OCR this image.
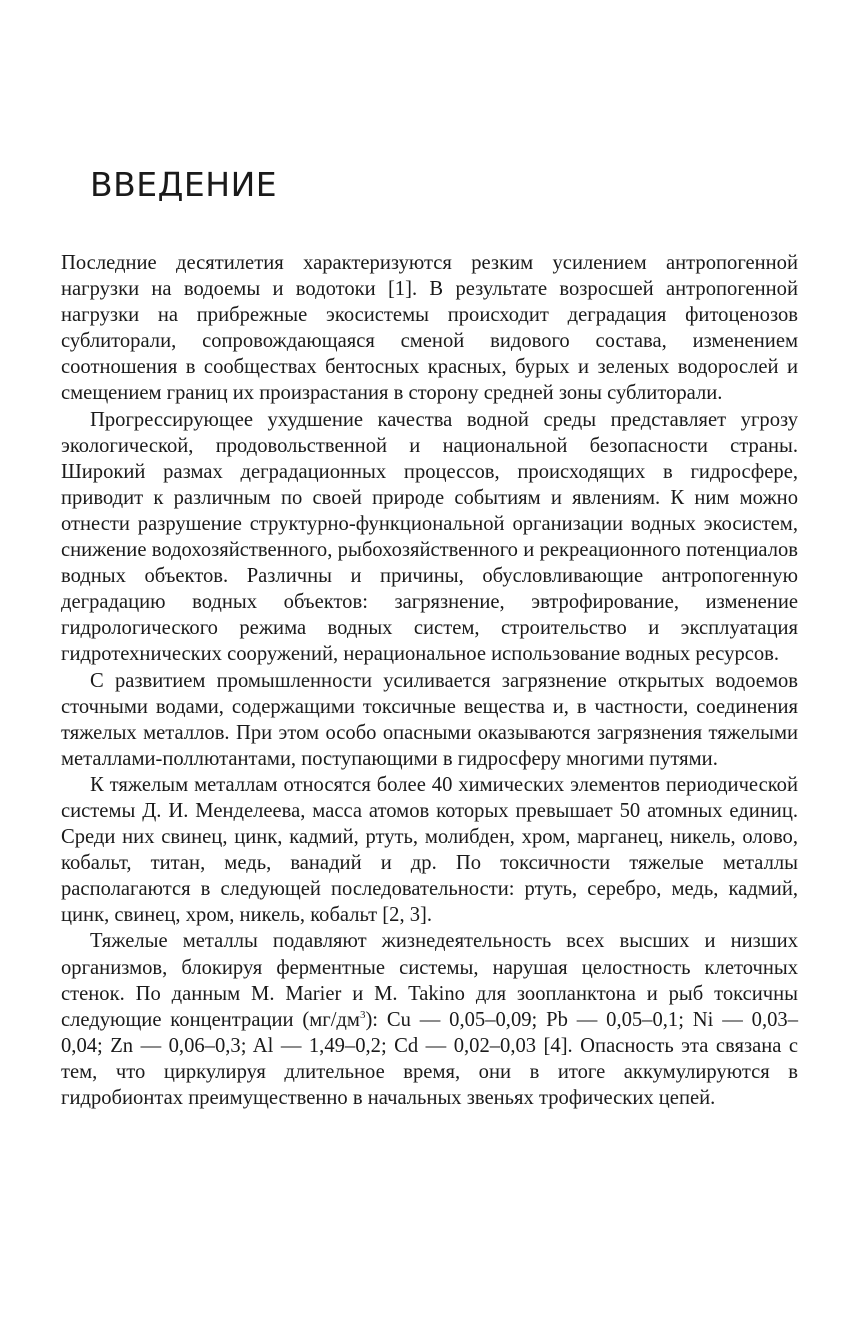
ВВЕДЕНИЕ

Последние десятилетия характеризуются резким усилением антропогенной нагрузки на водоемы и водотоки [1]. В результате возросшей антропогенной нагрузки на прибрежные экосистемы происходит деградация фитоценозов сублиторали, сопровождающаяся сменой видового состава, изменением соотношения в сообществах бентосных красных, бурых и зеленых водорослей и смещением границ их произрастания в сторону средней зоны сублиторали.

Прогрессирующее ухудшение качества водной среды представляет угрозу экологической, продовольственной и национальной безопасности страны. Широкий размах деградационных процессов, происходящих в гидросфере, приводит к различным по своей природе событиям и явлениям. К ним можно отнести разрушение структурно-функциональной организации водных экосистем, снижение водохозяйственного, рыбохозяйственного и рекреационного потенциалов водных объектов. Различны и причины, обусловливающие антропогенную деградацию водных объектов: загрязнение, эвтрофирование, изменение гидрологического режима водных систем, строительство и эксплуатация гидротехнических сооружений, нерациональное использование водных ресурсов.

С развитием промышленности усиливается загрязнение открытых водоемов сточными водами, содержащими токсичные вещества и, в частности, соединения тяжелых металлов. При этом особо опасными оказываются загрязнения тяжелыми металлами-поллютантами, поступающими в гидросферу многими путями.

К тяжелым металлам относятся более 40 химических элементов периодической системы Д. И. Менделеева, масса атомов которых превышает 50 атомных единиц. Среди них свинец, цинк, кадмий, ртуть, молибден, хром, марганец, никель, олово, кобальт, титан, медь, ванадий и др. По токсичности тяжелые металлы располагаются в следующей последовательности: ртуть, серебро, медь, кадмий, цинк, свинец, хром, никель, кобальт [2, 3].

Тяжелые металлы подавляют жизнедеятельность всех высших и низших организмов, блокируя ферментные системы, нарушая целостность клеточных стенок. По данным M. Marier и M. Takino для зоопланктона и рыб токсичны следующие концентрации $(мг/дм^3)$: Cu — 0,05–0,09; Pb — 0,05–0,1; Ni — 0,03–0,04; Zn — 0,06–0,3; Al — 1,49–0,2; Cd — 0,02–0,03 [4]. Опасность эта связана с тем, что циркулируя длительное время, они в итоге аккумулируются в гидробионтах преимущественно в начальных звеньях трофических цепей.
